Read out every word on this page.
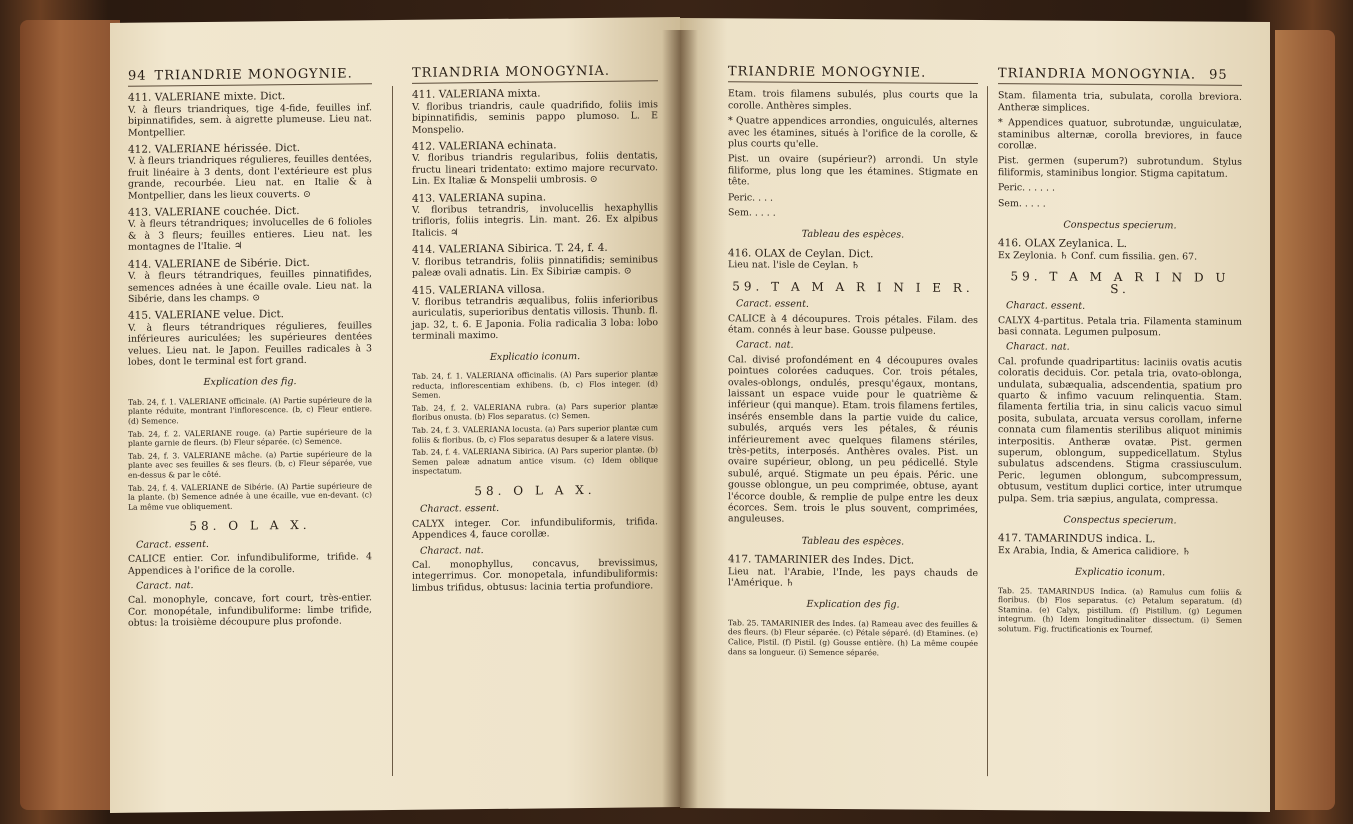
94 TRIANDRIE MONOGYNIE.
411. VALERIANE mixte. Dict.
V. à fleurs triandriques, tige 4-fide, feuilles inf. bipinnatifides, sem. à aigrette plumeuse. Lieu nat. Montpellier.
412. VALERIANE hérissée. Dict.
V. à fleurs triandriques régulieres, feuilles dentées, fruit linéaire à 3 dents, dont l'extérieure est plus grande, recourbée. Lieu nat. en Italie & à Montpellier, dans les lieux couverts. ⊙
413. VALERIANE couchée. Dict.
V. à fleurs tétrandriques; involucelles de 6 folioles & à 3 fleurs; feuilles entieres. Lieu nat. les montagnes de l'Italie. ♃
414. VALERIANE de Sibérie. Dict.
V. à fleurs tétrandriques, feuilles pinnatifides, semences adnées à une écaille ovale. Lieu nat. la Sibérie, dans les champs. ⊙
415. VALERIANE velue. Dict.
V. à fleurs tétrandriques régulieres, feuilles inférieures auriculées; les supérieures dentées velues. Lieu nat. le Japon. Feuilles radicales à 3 lobes, dont le terminal est fort grand.
Explication des fig.
Tab. 24, f. 1. VALERIANE officinale. (A) Partie supérieure de la plante réduite, montrant l'inflorescence. (b, c) Fleur entiere. (d) Semence.
Tab. 24, f. 2. VALERIANE rouge. (a) Partie supérieure de la plante garnie de fleurs. (b) Fleur séparée. (c) Semence.
Tab. 24, f. 3. VALERIANE mâche. (a) Partie supérieure de la plante avec ses feuilles & ses fleurs. (b, c) Fleur séparée, vue en-dessus & par le côté.
Tab. 24, f. 4. VALERIANE de Sibérie. (A) Partie supérieure de la plante. (b) Semence adnée à une écaille, vue en-devant. (c) La même vue obliquement.
58. O L A X.
Caract. essent.
CALICE entier. Cor. infundibuliforme, trifide. 4 Appendices à l'orifice de la corolle.
Caract. nat.
Cal. monophyle, concave, fort court, très-entier. Cor. monopétale, infundibuliforme: limbe trifide, obtus: la troisième découpure plus profonde.
TRIANDRIA MONOGYNIA.
411. VALERIANA mixta.
V. floribus triandris, caule quadrifido, foliis imis bipinnatifidis, seminis pappo plumoso. L. E Monspelio.
412. VALERIANA echinata.
V. floribus triandris regularibus, foliis dentatis, fructu lineari tridentato: extimo majore recurvato. Lin. Ex Italiæ & Monspelii umbrosis. ⊙
413. VALERIANA supina.
V. floribus tetrandris, involucellis hexaphyllis trifloris, foliis integris. Lin. mant. 26. Ex alpibus Italicis. ♃
414. VALERIANA Sibirica. T. 24, f. 4.
V. floribus tetrandris, foliis pinnatifidis; seminibus paleæ ovali adnatis. Lin. Ex Sibiriæ campis. ⊙
415. VALERIANA villosa.
V. floribus tetrandris æqualibus, foliis inferioribus auriculatis, superioribus dentatis villosis. Thunb. fl. jap. 32, t. 6. E Japonia. Folia radicalia 3 loba: lobo terminali maximo.
Explicatio iconum.
Tab. 24, f. 1. VALERIANA officinalis. (A) Pars superior plantæ reducta, inflorescentiam exhibens. (b, c) Flos integer. (d) Semen.
Tab. 24, f. 2. VALERIANA rubra. (a) Pars superior plantæ floribus onusta. (b) Flos separatus. (c) Semen.
Tab. 24, f. 3. VALERIANA locusta. (a) Pars superior plantæ cum foliis & floribus. (b, c) Flos separatus desuper & a latere visus.
Tab. 24, f. 4. VALERIANA Sibirica. (A) Pars superior plantæ. (b) Semen paleæ adnatum antice visum. (c) Idem oblique inspectatum.
58. O L A X.
Charact. essent.
CALYX integer. Cor. infundibuliformis, trifida. Appendices 4, fauce corollæ.
Charact. nat.
Cal. monophyllus, concavus, brevissimus, integerrimus. Cor. monopetala, infundibuliformis: limbus trifidus, obtusus: lacinia tertia profundiore.
TRIANDRIE MONOGYNIE.
Etam. trois filamens subulés, plus courts que la corolle. Anthères simples.
* Quatre appendices arrondies, onguiculés, alternes avec les étamines, situés à l'orifice de la corolle, & plus courts qu'elle.
Pist. un ovaire (supérieur?) arrondi. Un style filiforme, plus long que les étamines. Stigmate en tête.
Peric. . . .
Sem. . . . .
Tableau des espèces.
416. OLAX de Ceylan. Dict.
Lieu nat. l'isle de Ceylan. ♄
59. T A M A R I N I E R.
Caract. essent.
CALICE à 4 découpures. Trois pétales. Filam. des étam. connés à leur base. Gousse pulpeuse.
Caract. nat.
Cal. divisé profondément en 4 découpures ovales pointues colorées caduques. Cor. trois pétales, ovales-oblongs, ondulés, presqu'égaux, montans, laissant un espace vuide pour le quatrième & inférieur (qui manque). Etam. trois filamens fertiles, insérés ensemble dans la partie vuide du calice, subulés, arqués vers les pétales, & réunis inférieurement avec quelques filamens stériles, très-petits, interposés. Anthères ovales. Pist. un ovaire supérieur, oblong, un peu pédicellé. Style subulé, arqué. Stigmate un peu épais. Péric. une gousse oblongue, un peu comprimée, obtuse, ayant l'écorce double, & remplie de pulpe entre les deux écorces. Sem. trois le plus souvent, comprimées, anguleuses.
Tableau des espèces.
417. TAMARINIER des Indes. Dict.
Lieu nat. l'Arabie, l'Inde, les pays chauds de l'Amérique. ♄
Explication des fig.
Tab. 25. TAMARINIER des Indes. (a) Rameau avec des feuilles & des fleurs. (b) Fleur séparée. (c) Pétale séparé. (d) Etamines. (e) Calice, Pistil. (f) Pistil. (g) Gousse entière. (h) La même coupée dans sa longueur. (i) Semence séparée.
TRIANDRIA MONOGYNIA. 95
Stam. filamenta tria, subulata, corolla breviora. Antheræ simplices.
* Appendices quatuor, subrotundæ, unguiculatæ, staminibus alternæ, corolla breviores, in fauce corollæ.
Pist. germen (superum?) subrotundum. Stylus filiformis, staminibus longior. Stigma capitatum.
Peric. . . . . .
Sem. . . . .
Conspectus specierum.
416. OLAX Zeylanica. L.
Ex Zeylonia. ♄ Conf. cum fissilia. gen. 67.
59. T A M A R I N D U S.
Charact. essent.
CALYX 4-partitus. Petala tria. Filamenta staminum basi connata. Legumen pulposum.
Charact. nat.
Cal. profunde quadripartitus: laciniis ovatis acutis coloratis deciduis. Cor. petala tria, ovato-oblonga, undulata, subæqualia, adscendentia, spatium pro quarto & infimo vacuum relinquentia. Stam. filamenta fertilia tria, in sinu calicis vacuo simul posita, subulata, arcuata versus corollam, inferne connata cum filamentis sterilibus aliquot minimis interpositis. Antheræ ovatæ. Pist. germen superum, oblongum, suppedicellatum. Stylus subulatus adscendens. Stigma crassiusculum. Peric. legumen oblongum, subcompressum, obtusum, vestitum duplici cortice, inter utrumque pulpa. Sem. tria sæpius, angulata, compressa.
Conspectus specierum.
417. TAMARINDUS indica. L.
Ex Arabia, India, & America calidiore. ♄
Explicatio iconum.
Tab. 25. TAMARINDUS Indica. (a) Ramulus cum foliis & floribus. (b) Flos separatus. (c) Petalum separatum. (d) Stamina. (e) Calyx, pistillum. (f) Pistillum. (g) Legumen integrum. (h) Idem longitudinaliter dissectum. (i) Semen solutum. Fig. fructificationis ex Tournef.
